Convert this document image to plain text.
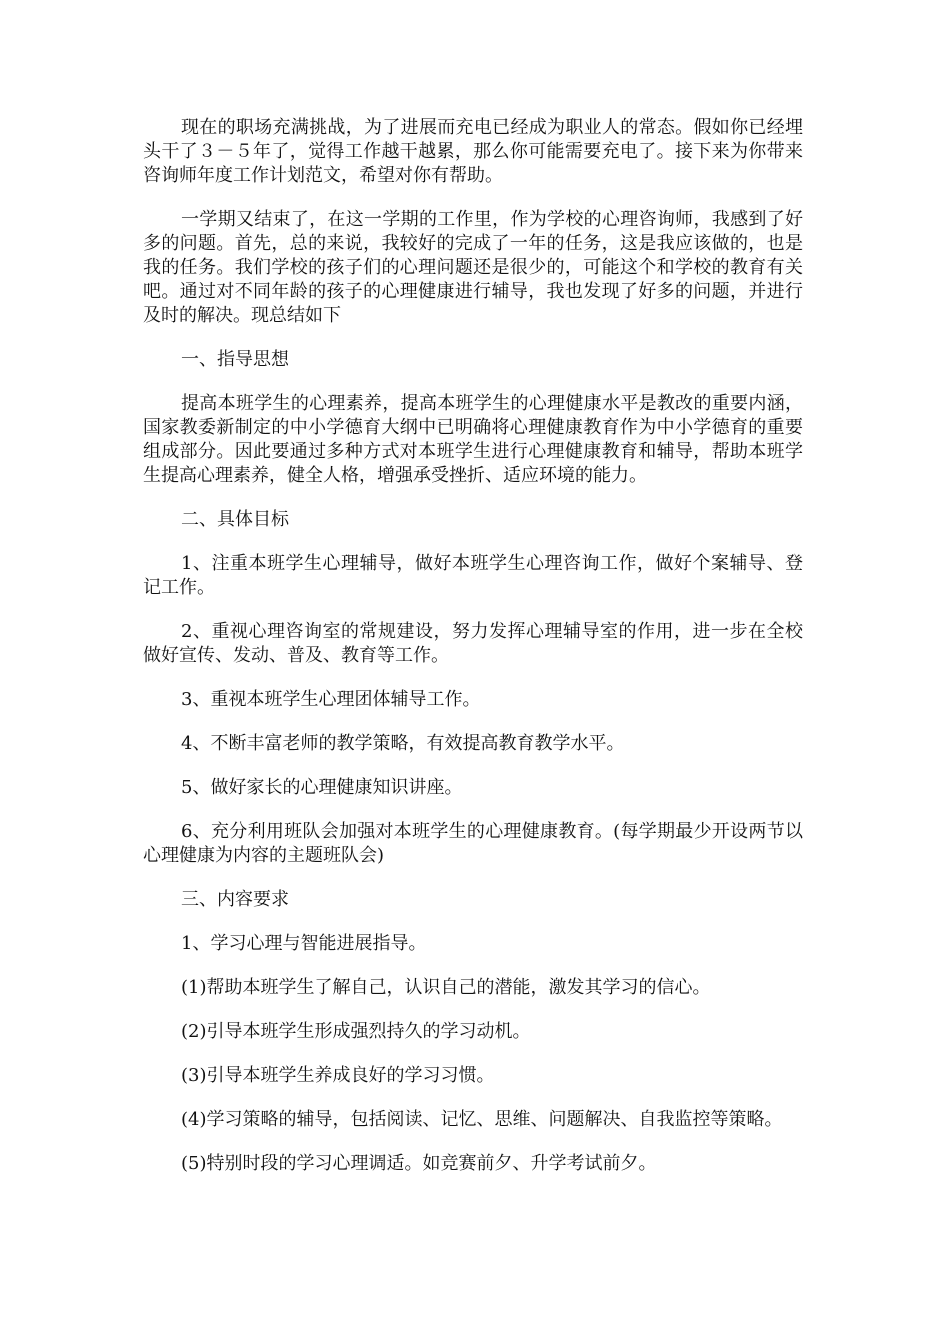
现在的职场充满挑战，为了进展而充电已经成为职业人的常态。假如你已经埋头干了３－５年了，觉得工作越干越累，那么你可能需要充电了。接下来为你带来咨询师年度工作计划范文，希望对你有帮助。

一学期又结束了，在这一学期的工作里，作为学校的心理咨询师，我感到了好多的问题。首先，总的来说，我较好的完成了一年的任务，这是我应该做的，也是我的任务。我们学校的孩子们的心理问题还是很少的，可能这个和学校的教育有关吧。通过对不同年龄的孩子的心理健康进行辅导，我也发现了好多的问题，并进行及时的解决。现总结如下

一、指导思想

提高本班学生的心理素养，提高本班学生的心理健康水平是教改的重要内涵，国家教委新制定的中小学德育大纲中已明确将心理健康教育作为中小学德育的重要组成部分。因此要通过多种方式对本班学生进行心理健康教育和辅导，帮助本班学生提高心理素养，健全人格，增强承受挫折、适应环境的能力。

二、具体目标

1、注重本班学生心理辅导，做好本班学生心理咨询工作，做好个案辅导、登记工作。

2、重视心理咨询室的常规建设，努力发挥心理辅导室的作用，进一步在全校做好宣传、发动、普及、教育等工作。

3、重视本班学生心理团体辅导工作。

4、不断丰富老师的教学策略，有效提高教育教学水平。

5、做好家长的心理健康知识讲座。

6、充分利用班队会加强对本班学生的心理健康教育。(每学期最少开设两节以心理健康为内容的主题班队会)

三、内容要求

1、学习心理与智能进展指导。

(1)帮助本班学生了解自己，认识自己的潜能，激发其学习的信心。

(2)引导本班学生形成强烈持久的学习动机。

(3)引导本班学生养成良好的学习习惯。

(4)学习策略的辅导，包括阅读、记忆、思维、问题解决、自我监控等策略。

(5)特别时段的学习心理调适。如竞赛前夕、升学考试前夕。
